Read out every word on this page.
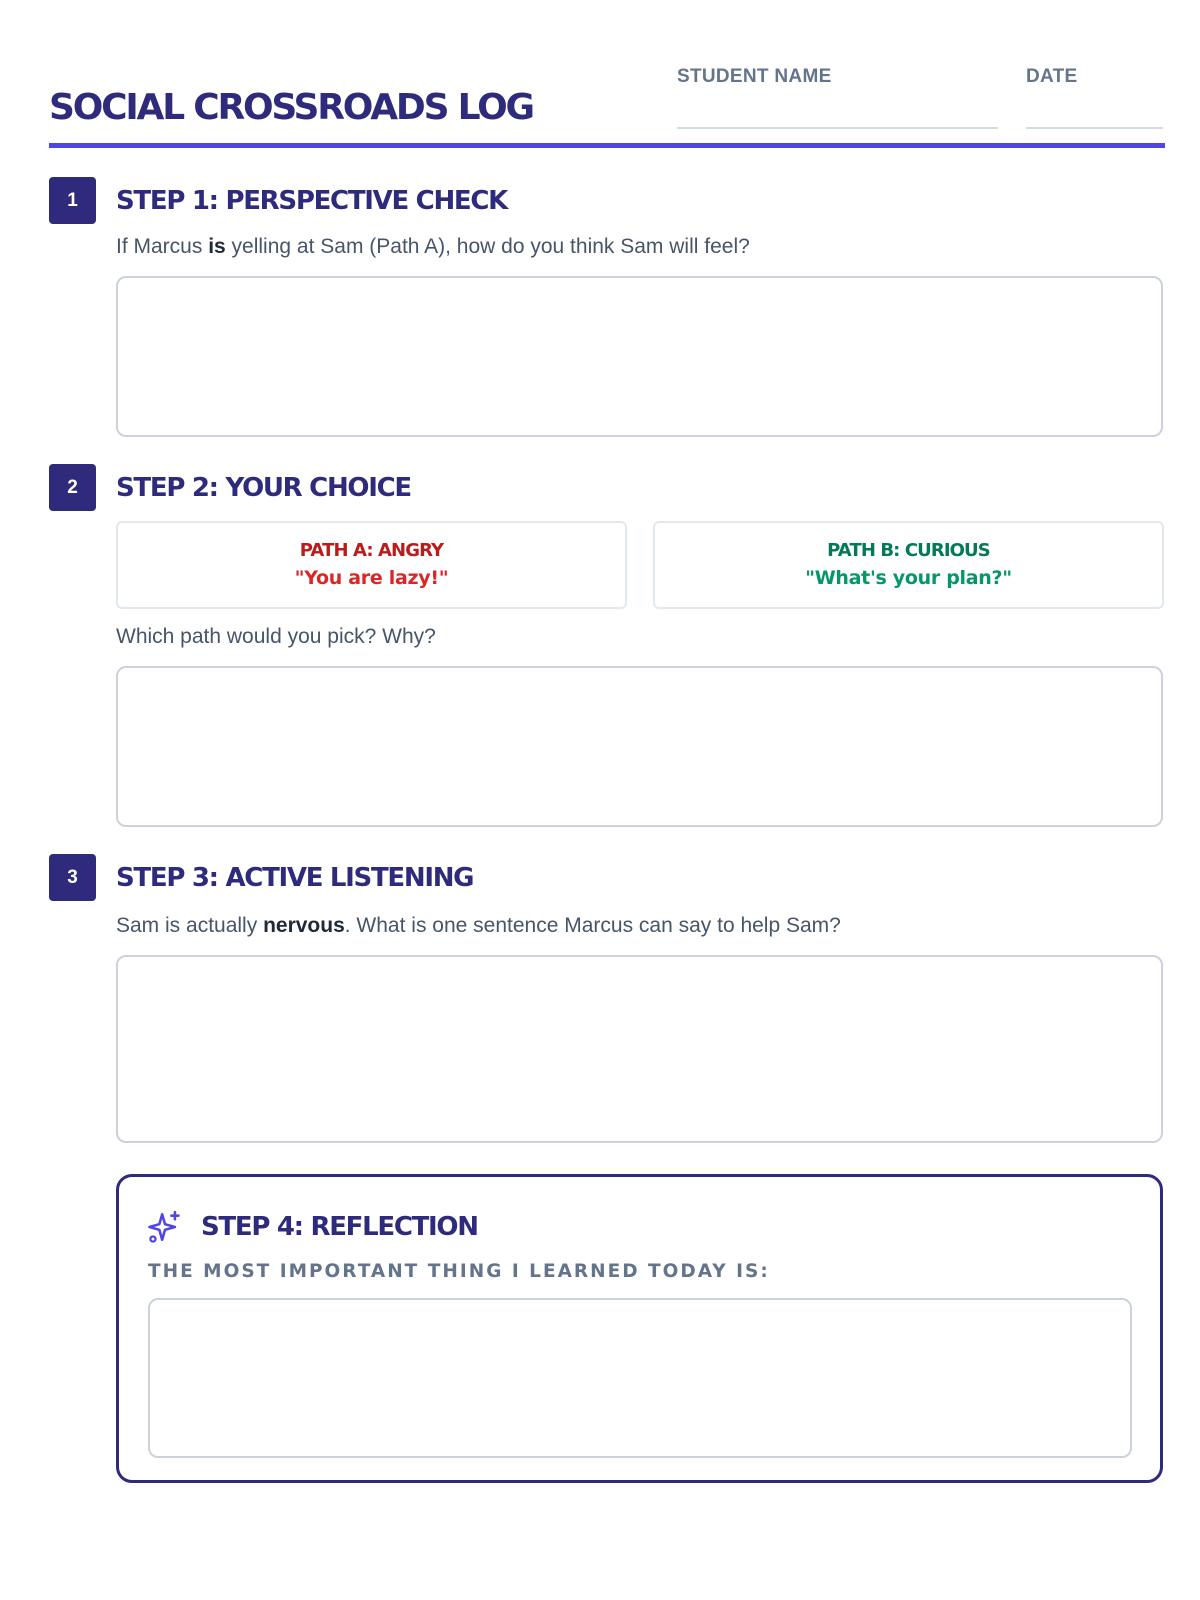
SOCIAL CROSSROADS LOG
STUDENT NAME	DATE
1	STEP 1: PERSPECTIVE CHECK
If Marcus is yelling at Sam (Path A), how do you think Sam will feel?
2	STEP 2: YOUR CHOICE
PATH A: ANGRY
"You are lazy!"
PATH B: CURIOUS
"What's your plan?"
Which path would you pick? Why?
3	STEP 3: ACTIVE LISTENING
Sam is actually nervous. What is one sentence Marcus can say to help Sam?
STEP 4: REFLECTION
THE MOST IMPORTANT THING I LEARNED TODAY IS:
